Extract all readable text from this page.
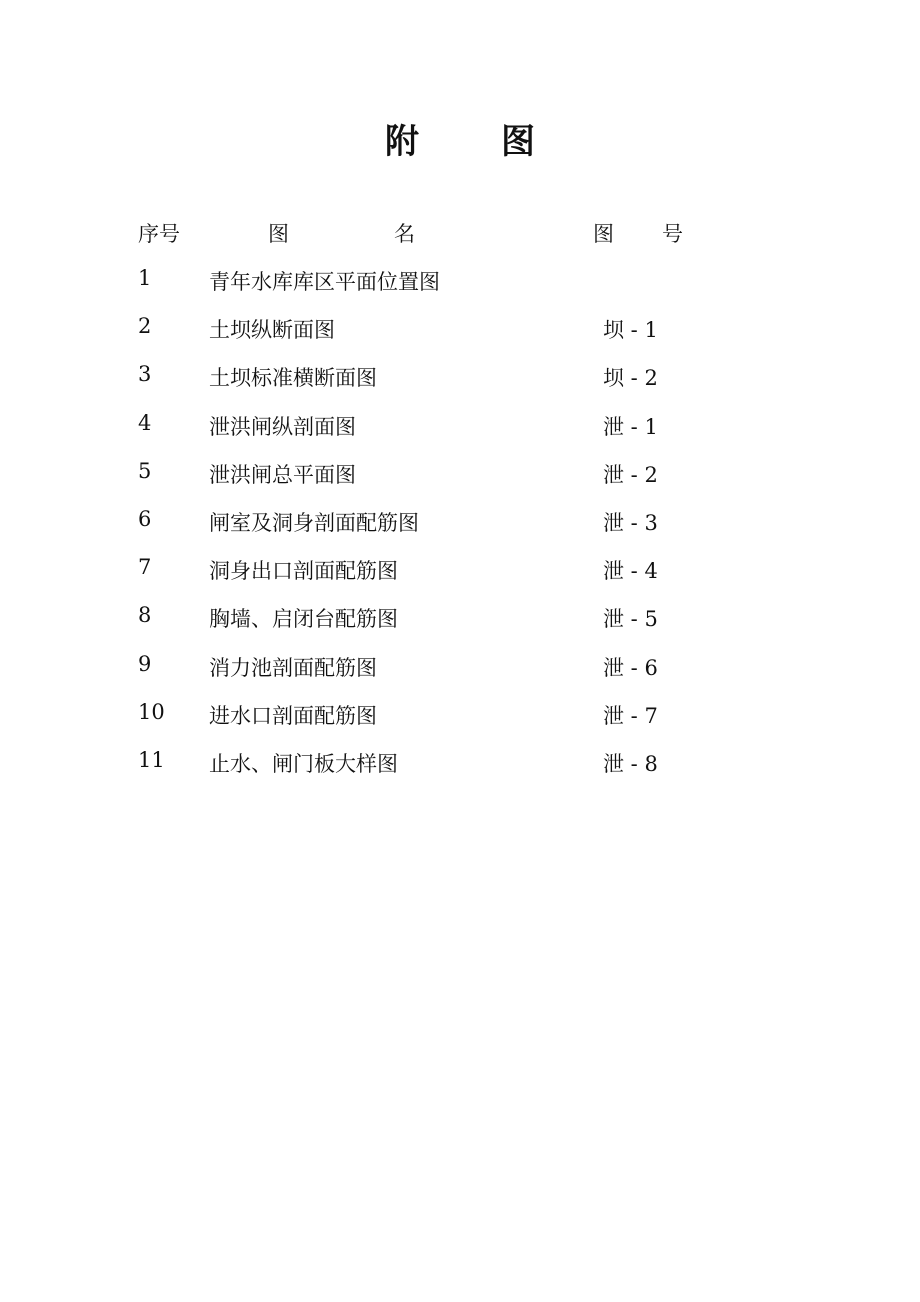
附 图
序号	图	名	图 号
1	青年水库库区平面位置图
2	土坝纵断面图	坝 - 1
3	土坝标准横断面图	坝 - 2
4	泄洪闸纵剖面图	泄 - 1
5	泄洪闸总平面图	泄 - 2
6	闸室及洞身剖面配筋图	泄 - 3
7	洞身出口剖面配筋图	泄 - 4
8	胸墙、启闭台配筋图	泄 - 5
9	消力池剖面配筋图	泄 - 6
10 进水口剖面配筋图	泄 - 7
11 止水、闸门板大样图	泄 - 8
